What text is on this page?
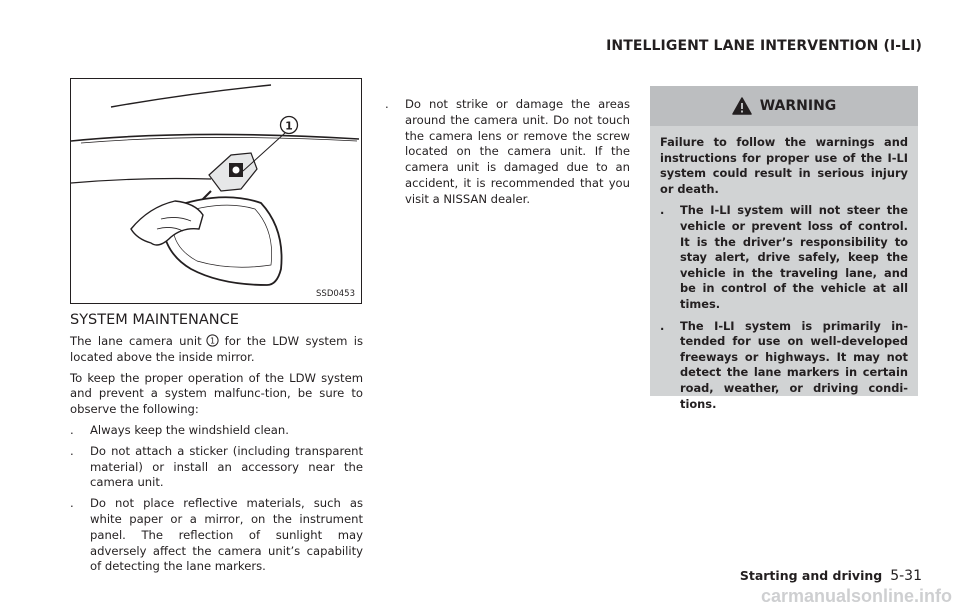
INTELLIGENT LANE INTERVENTION (I-LI)
1
SSD0453
SYSTEM MAINTENANCE

The lane camera unit 1 for the LDW system is located above the inside mirror.

To keep the proper operation of the LDW system and prevent a system malfunc-tion, be sure to observe the following:

. Always keep the windshield clean.
. Do not attach a sticker (including transparent material) or install an accessory near the camera unit.
. Do not place reflective materials, such as white paper or a mirror, on the instrument panel. The reflection of sunlight may adversely affect the camera unit’s capability of detecting the lane markers.
. Do not strike or damage the areas around the camera unit. Do not touch the camera lens or remove the screw located on the camera unit. If the camera unit is damaged due to an accident, it is recommended that you visit a NISSAN dealer.
WARNING

Failure to follow the warnings and instructions for proper use of the I-LI system could result in serious injury or death.

. The I-LI system will not steer the vehicle or prevent loss of control. It is the driver’s responsibility to stay alert, drive safely, keep the vehicle in the traveling lane, and be in control of the vehicle at all times.
. The I-LI system is primarily in-tended for use on well-developed freeways or highways. It may not detect the lane markers in certain road, weather, or driving condi-tions.
Starting and driving 5-31
carmanualsonline.info
